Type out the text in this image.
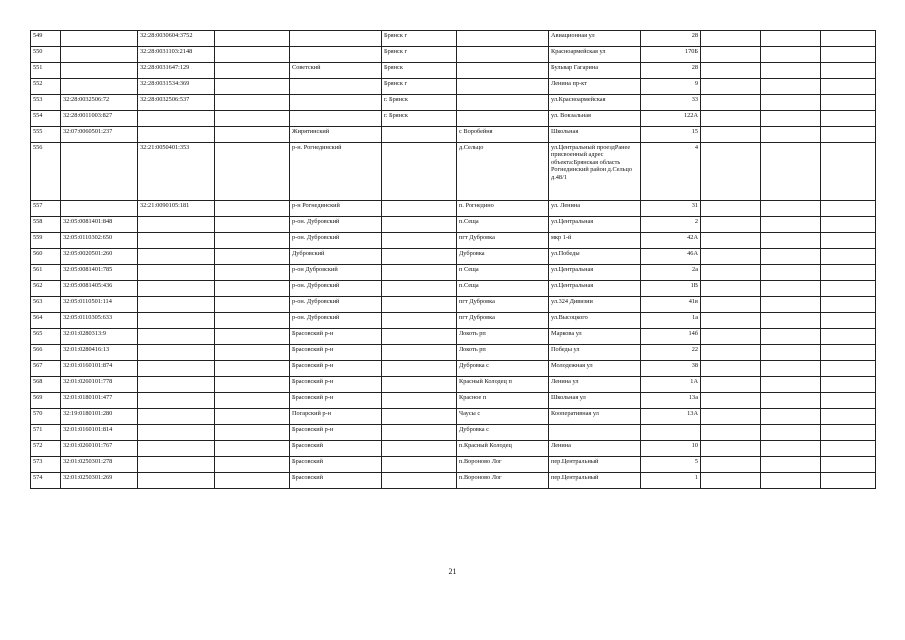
549		32:28:0030604:3752			Брянск г		Авиационная ул	28			
550		32:28:0031103:2148			Брянск г		Красноармейская ул	170Б			
551		32:28:0031647:129		Советский	Брянск		Бульвар Гагарина	28			
552		32:28:0031534:369			Брянск г		Ленина пр-кт	9			
553	32:28:0032506:72	32:28:0032506:537			г. Брянск		ул.Красноармейская	33			
554	32:28:0011003:827				г. Брянск		ул. Вокзальная	122А			
555	32:07:0060501:237			Жирятинский		с Воробейня	Школьная	15			
556		32:21:0050401:353		р-н. Рогнединский		д.Сельцо	ул.Центральный проездРанее присвоенный адрес объекта:Брянская область Рогнединский район д.Сельцо д.48/1	4			
557		32:21:0090105:181		р-н Рогнединский		п. Рогнедино	ул. Ленина	31			
558	32:05:0081401:848			р-он. Дубровский		п.Сеща	ул.Центральная	2			
559	32:05:0110302:650			р-он. Дубровский		пгт Дубровка	мкр 1-й	42А			
560	32:05:0020501:260			Дубровский		Дубровка	ул.Победы	46А			
561	32:05:0081401:785			р-он Дубровский		п Сеща	ул.Центральная	2а			
562	32:05:0081405:436			р-он. Дубровский		п.Сеща	ул.Центральная	1В			
563	32:05:0110501:114			р-он. Дубровский		пгт Дубровка	ул.324 Дивизии	41в			
564	32:05:0110305:633			р-он. Дубровский		пгт Дубровка	ул.Высоцкого	1а			
565	32:01:0280313:9			Брасовский р-н		Локоть рп	Маркова ул	14б			
566	32:01:0280416:13			Брасовский р-н		Локоть рп	Победы ул	22			
567	32:01:0160101:874			Брасовский р-н		Дубровка с	Молодежная ул	38			
568	32:01:0260101:778			Брасовский р-н		Красный Колодец п	Ленина ул	1А			
569	32:01:0180101:477			Брасовский р-н		Красное п	Школьная ул	13а			
570	32:19:0180101:280			Погарский р-н		Чаусы с	Кооперативная ул	13А			
571	32:01:0160101:814			Брасовский р-н		Дубровка с					
572	32:01:0260101:767			Брасовский		п.Красный Колодец	Ленина	10			
573	32:01:0250301:278			Брасовский		п.Вороново Лог	пер.Центральный	5			
574	32:01:0250301:269			Брасовский		п.Вороново Лог	пер.Центральный	1			
21
